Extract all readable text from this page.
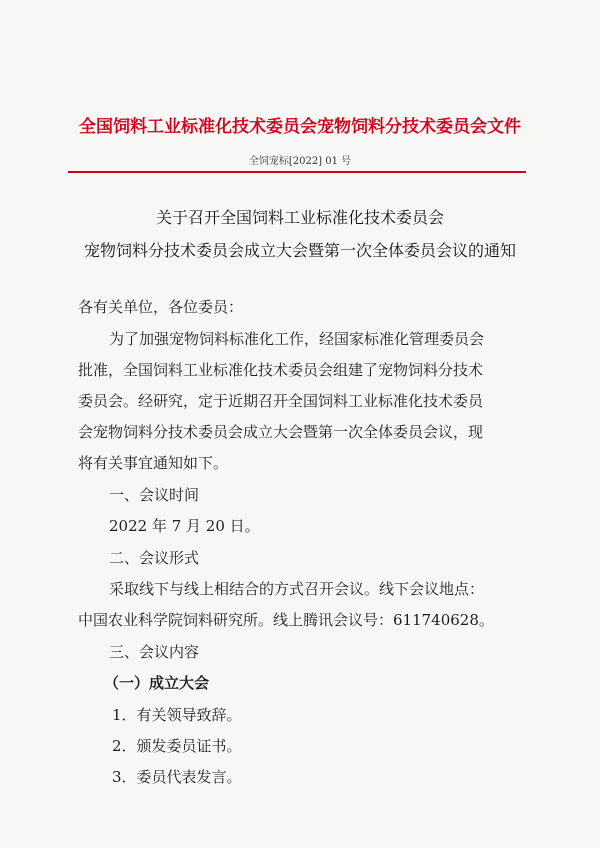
全国饲料工业标准化技术委员会宠物饲料分技术委员会文件
全饲宠标[2022] 01 号
关于召开全国饲料工业标准化技术委员会
宠物饲料分技术委员会成立大会暨第一次全体委员会议的通知
各有关单位，各位委员：
为了加强宠物饲料标准化工作，经国家标准化管理委员会
批准，全国饲料工业标准化技术委员会组建了宠物饲料分技术
委员会。经研究，定于近期召开全国饲料工业标准化技术委员
会宠物饲料分技术委员会成立大会暨第一次全体委员会议，现
将有关事宜通知如下。
一、会议时间
2022 年 7 月 20 日。
二、会议形式
采取线下与线上相结合的方式召开会议。线下会议地点：
中国农业科学院饲料研究所。线上腾讯会议号：611740628。
三、会议内容
（一）成立大会
1．有关领导致辞。
2．颁发委员证书。
3．委员代表发言。
